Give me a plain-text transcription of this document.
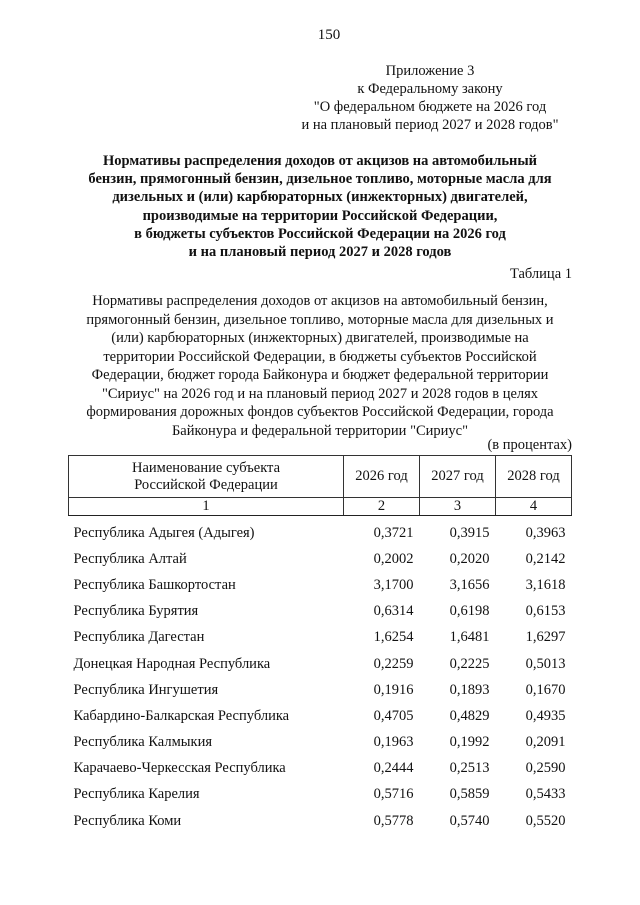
150
Приложение 3
к Федеральному закону
"О федеральном бюджете на 2026 год
и на плановый период 2027 и 2028 годов"
Нормативы распределения доходов от акцизов на автомобильный
бензин, прямогонный бензин, дизельное топливо, моторные масла для
дизельных и (или) карбюраторных (инжекторных) двигателей,
производимые на территории Российской Федерации,
в бюджеты субъектов Российской Федерации на 2026 год
и на плановый период 2027 и 2028 годов
Таблица 1
Нормативы распределения доходов от акцизов на автомобильный бензин,
прямогонный бензин, дизельное топливо, моторные масла для дизельных и
(или) карбюраторных (инжекторных) двигателей, производимые на
территории Российской Федерации, в бюджеты субъектов Российской
Федерации, бюджет города Байконура и бюджет федеральной территории
"Сириус" на 2026 год и на плановый период 2027 и 2028 годов в целях
формирования дорожных фондов субъектов Российской Федерации, города
Байконура и федеральной территории "Сириус"
(в процентах)
Наименование субъекта
Российской Федерации	2026 год	2027 год	2028 год
1	2	3	4
Республика Адыгея (Адыгея)	0,3721	0,3915	0,3963
Республика Алтай	0,2002	0,2020	0,2142
Республика Башкортостан	3,1700	3,1656	3,1618
Республика Бурятия	0,6314	0,6198	0,6153
Республика Дагестан	1,6254	1,6481	1,6297
Донецкая Народная Республика	0,2259	0,2225	0,5013
Республика Ингушетия	0,1916	0,1893	0,1670
Кабардино-Балкарская Республика	0,4705	0,4829	0,4935
Республика Калмыкия	0,1963	0,1992	0,2091
Карачаево-Черкесская Республика	0,2444	0,2513	0,2590
Республика Карелия	0,5716	0,5859	0,5433
Республика Коми	0,5778	0,5740	0,5520
